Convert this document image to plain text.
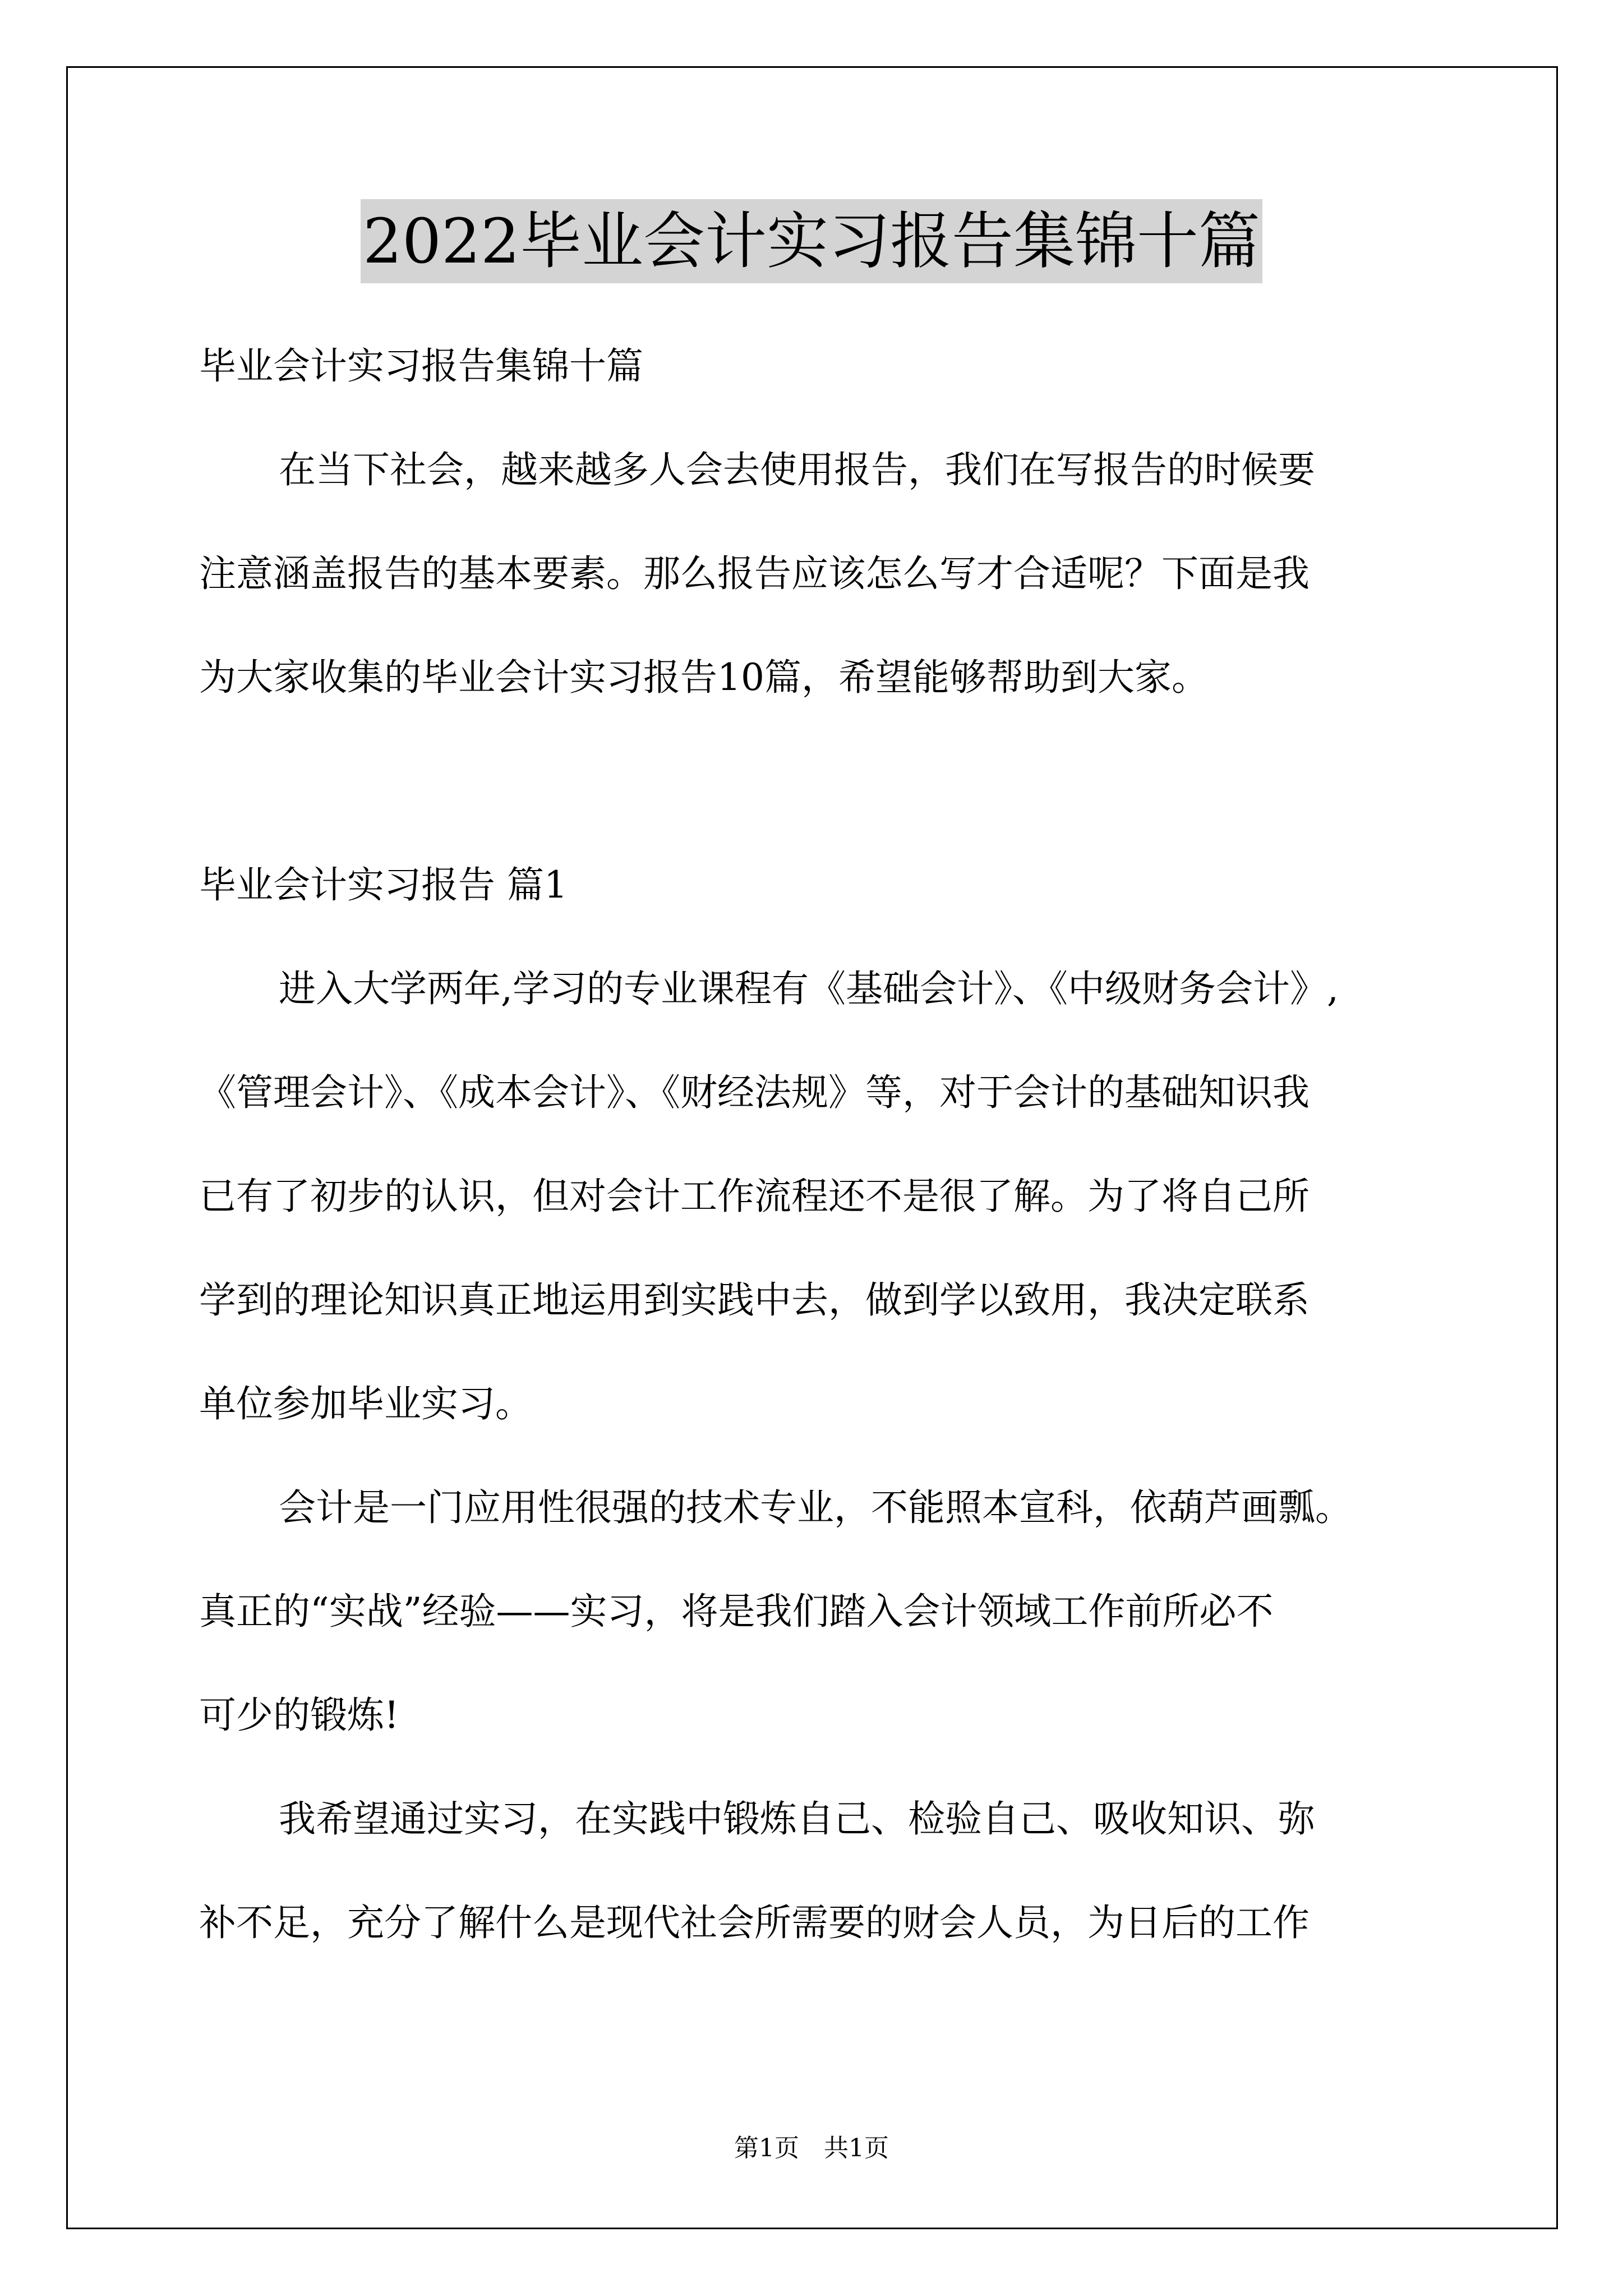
2022毕业会计实习报告集锦十篇
毕业会计实习报告集锦十篇
在当下社会，越来越多人会去使用报告，我们在写报告的时候要
注意涵盖报告的基本要素。那么报告应该怎么写才合适呢？下面是我
为大家收集的毕业会计实习报告10篇，希望能够帮助到大家。
毕业会计实习报告 篇1
进入大学两年,学习的专业课程有《基础会计》、《中级财务会计》,
《管理会计》、《成本会计》、《财经法规》等，对于会计的基础知识我
已有了初步的认识，但对会计工作流程还不是很了解。为了将自己所
学到的理论知识真正地运用到实践中去，做到学以致用，我决定联系
单位参加毕业实习。
会计是一门应用性很强的技术专业，不能照本宣科，依葫芦画瓢。
真正的“实战”经验——实习，将是我们踏入会计领域工作前所必不
可少的锻炼!
我希望通过实习，在实践中锻炼自己、检验自己、吸收知识、弥
补不足，充分了解什么是现代社会所需要的财会人员，为日后的工作
第1页　共1页
